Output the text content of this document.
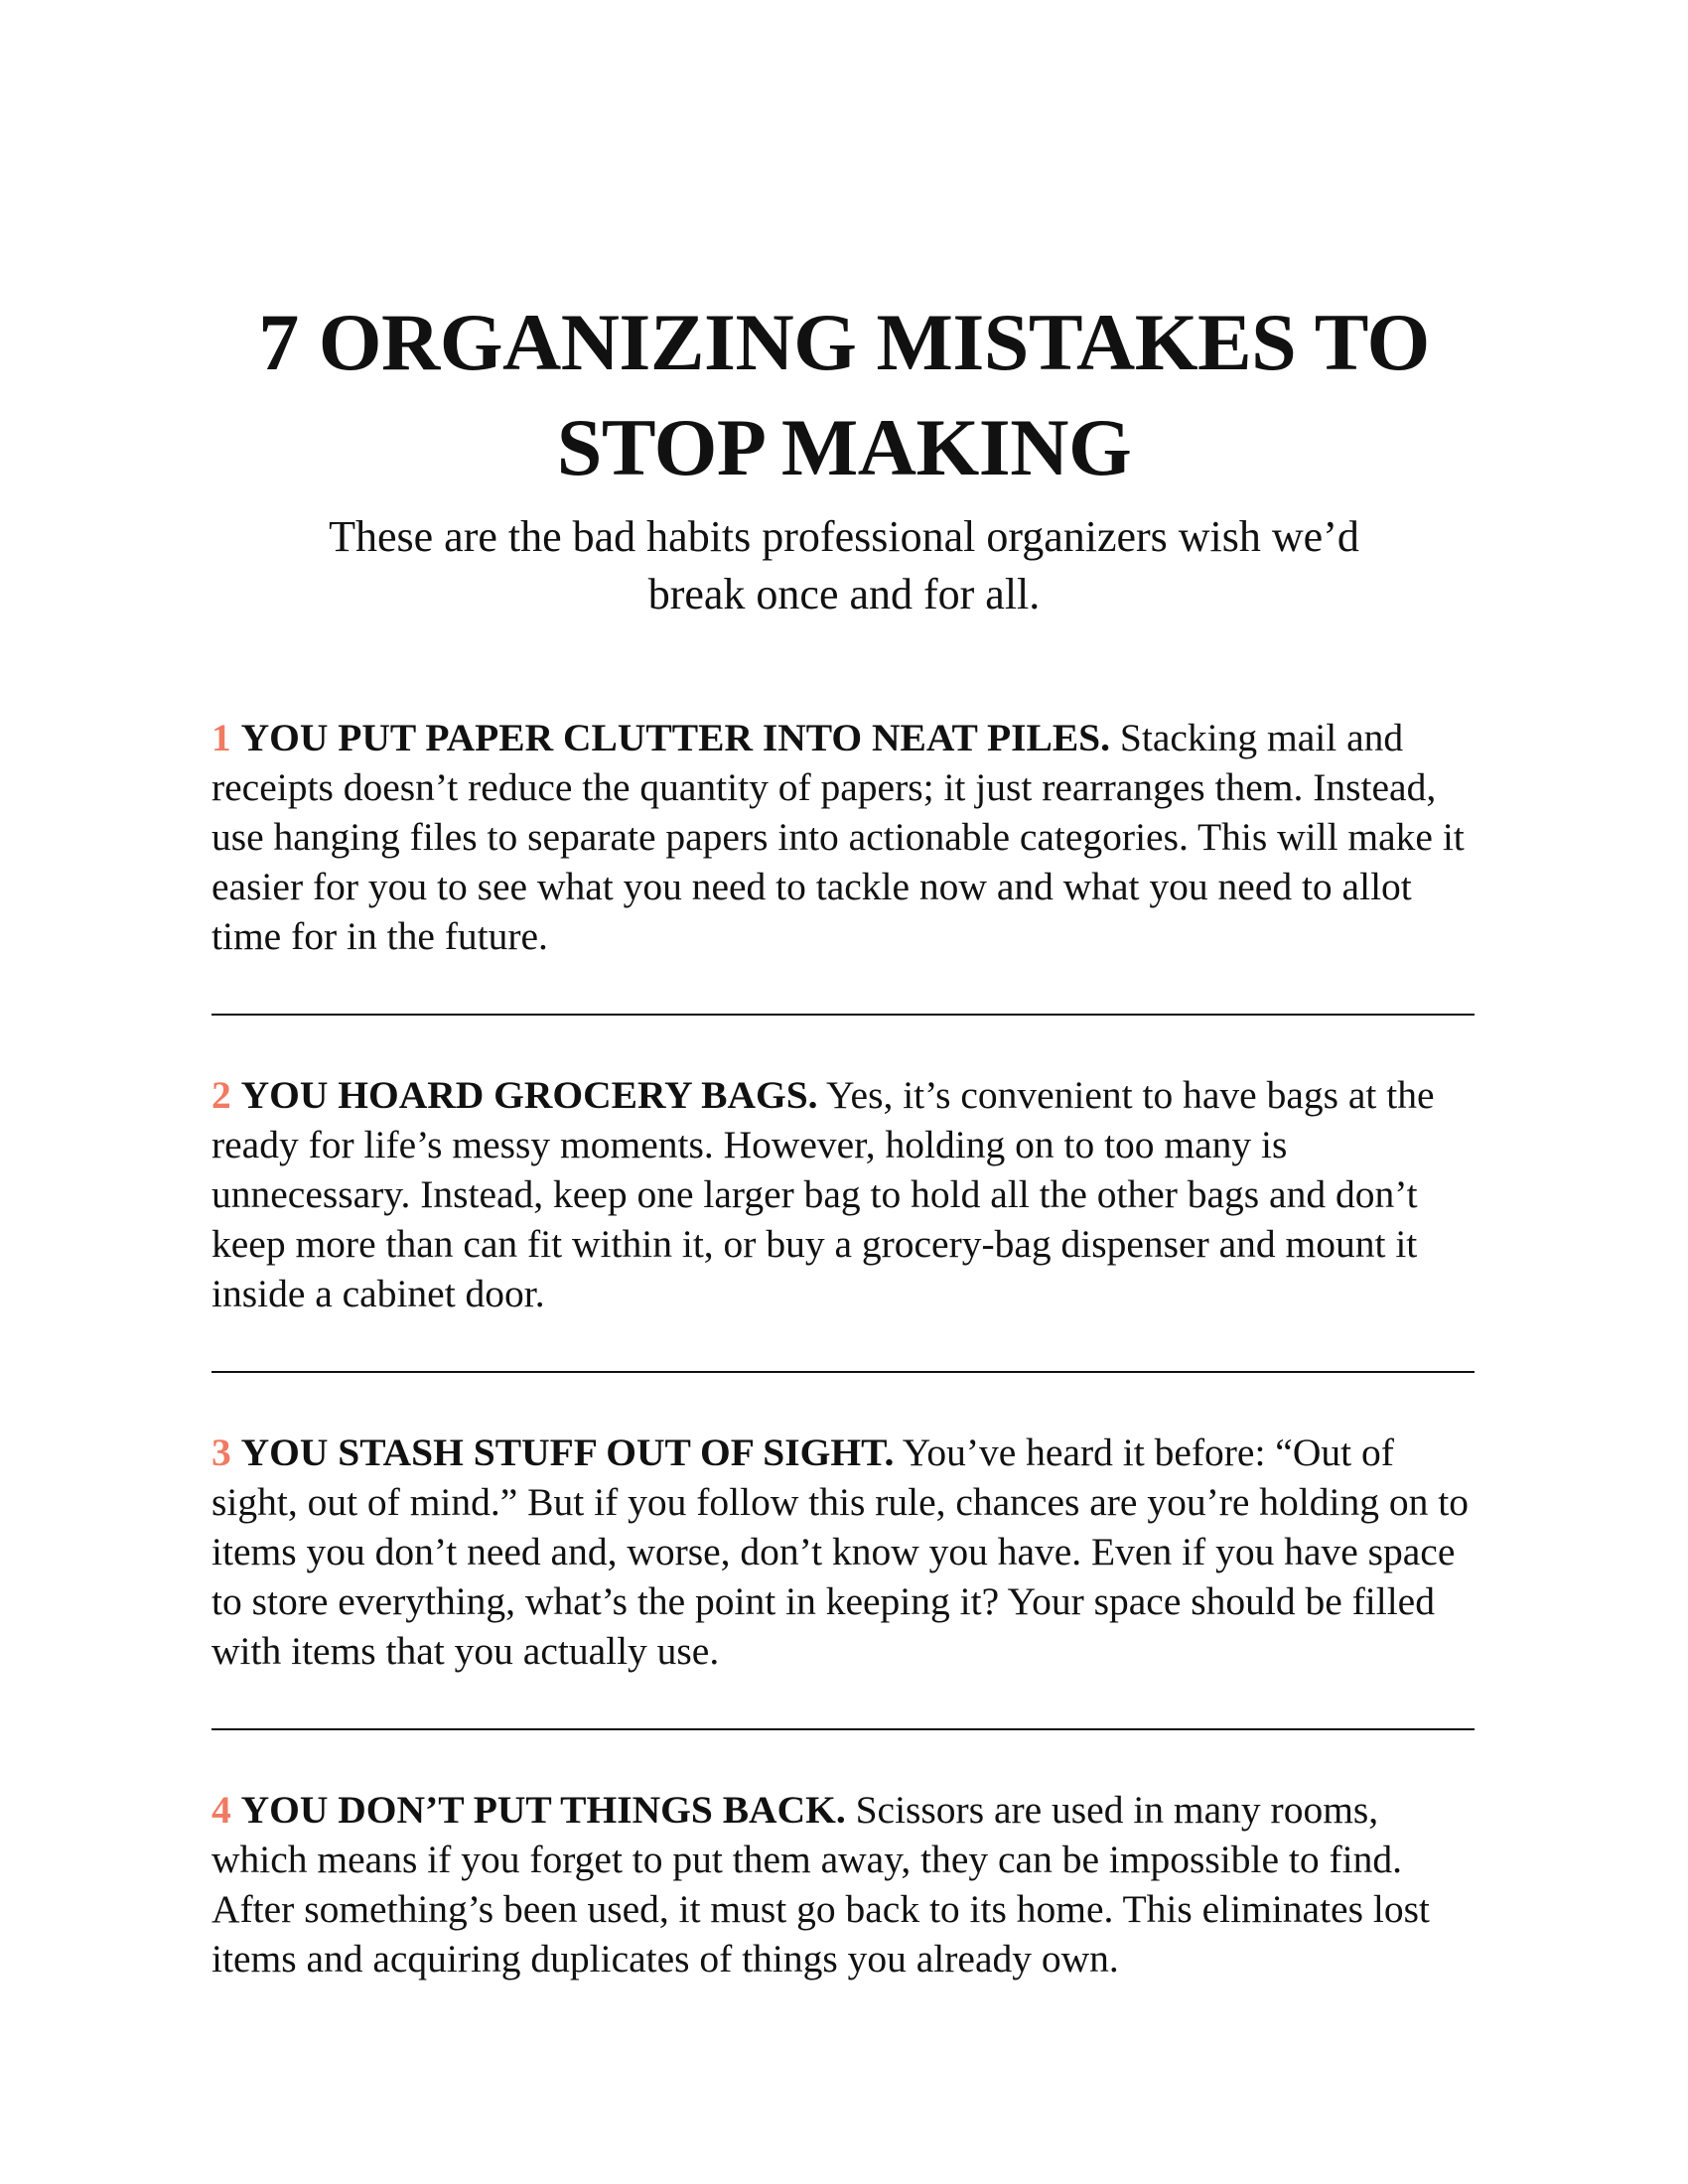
7 ORGANIZING MISTAKES TO STOP MAKING

These are the bad habits professional organizers wish we’d break once and for all.

1 YOU PUT PAPER CLUTTER INTO NEAT PILES. Stacking mail and receipts doesn’t reduce the quantity of papers; it just rearranges them. Instead, use hanging files to separate papers into actionable categories. This will make it easier for you to see what you need to tackle now and what you need to allot time for in the future.

2 YOU HOARD GROCERY BAGS. Yes, it’s convenient to have bags at the ready for life’s messy moments. However, holding on to too many is unnecessary. Instead, keep one larger bag to hold all the other bags and don’t keep more than can fit within it, or buy a grocery-bag dispenser and mount it inside a cabinet door.

3 YOU STASH STUFF OUT OF SIGHT. You’ve heard it before: “Out of sight, out of mind.” But if you follow this rule, chances are you’re holding on to items you don’t need and, worse, don’t know you have. Even if you have space to store everything, what’s the point in keeping it? Your space should be filled with items that you actually use.

4 YOU DON’T PUT THINGS BACK. Scissors are used in many rooms, which means if you forget to put them away, they can be impossible to find. After something’s been used, it must go back to its home. This eliminates lost items and acquiring duplicates of things you already own.
